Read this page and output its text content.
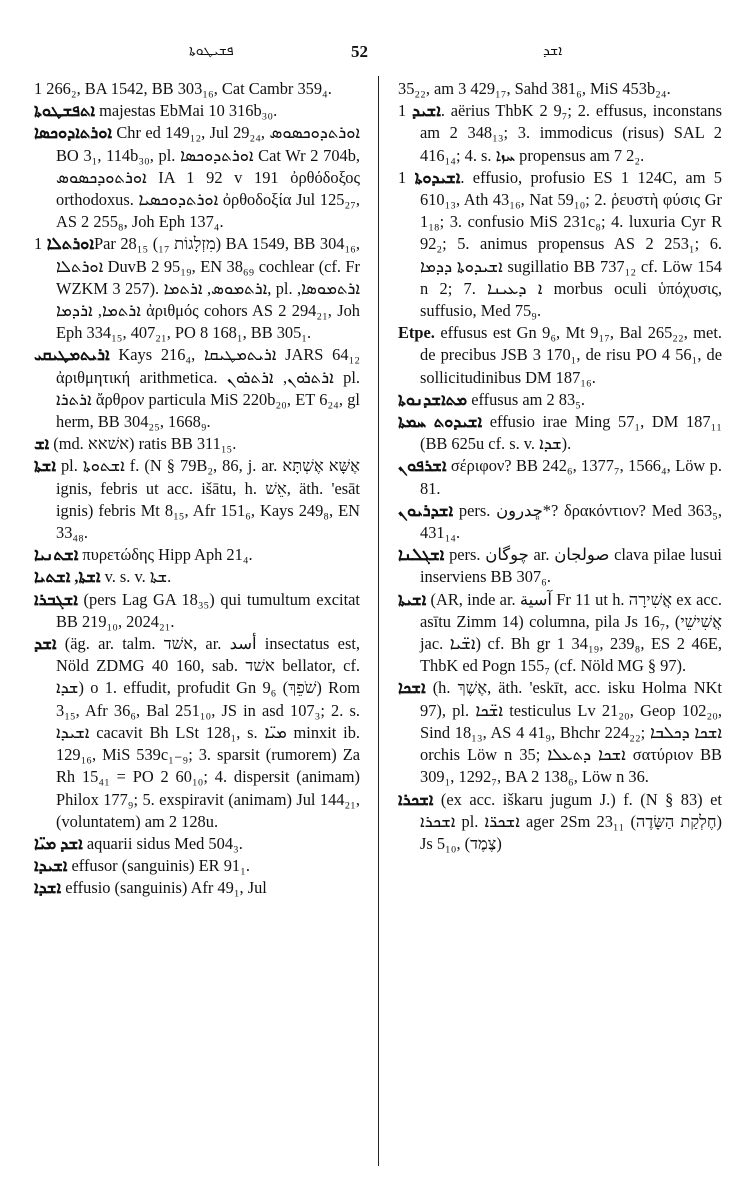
ܦܫܝܛܘܬܐ	52	ܐܫܕ

1 266₂, BA 1542, BB 303₁₆, Cat Cambr 359₄.

ܐܬܦܫܛܘܬܐ majestas EbMai 10 316b₃₀.

ܐܘܪܬܐܕܘܟܣܐ Chr ed 149₁₂, Jul 29₂₄, ܐܘܪܬܕܘܟܣܘܣ BO 3₁, 114b₃₀, pl. ܐܘܪܬܕܘܟܣܐ Cat Wr 2 704b, ܐܘܪܬܘܕܟܣܘܣ IA 1 92 v 191 ὀρθόδοξος orthodoxus. ܐܘܪܬܕܘܟܣܝܐ ὀρθοδοξία Jul 125₂₇, AS 2 255₈, Joh Eph 137₄.

ܐܘܪܬܠܐ 1Par 28₁₅ (₁₇ מִזְלָגוֹת) BA 1549, BB 304₁₆, ܐܘܪܬܠܐ DuvB 2 95₁₉, EN 38₆₉ cochlear (cf. Fr WZKM 3 257). ܐܪܬܡܘܣ, ܐܪܬܡܐ, pl. ܐܪܬܡܘܣܐ, ܐܪܬܡܐ, ܐܪܕܡܐ ἀριθμός cohors AS 2 294₂₁, Joh Eph 334₁₅, 407₂₁, PO 8 168₁, BB 305₁.

ܐܪܝܬܡܛܝܩܝ Kays 216₄, ܐܪܝܬܡܛܝܩܐ JARS 64₁₂ ἀριθμητική arithmetica. ܐܪܬܪܘܢ, ܐܪܬܪܘܢ pl. ܐܪܬܪܐ ἄρθρον particula MiS 220b₂₀, ET 6₂₄, gl herm, BB 304₂₅, 1668₉.

ܐܫ (md. אשׁאא) ratis BB 311₁₅.

ܐܫܬܐ pl. ܐܫܬܘܬܐ f. (N § 79B₂, 86, j. ar. אֶשָּׁא אֶשְׁתָּא ignis, febris ut acc. išātu, h. אֵשׁ, äth. 'esāt ignis) febris Mt 8₁₅, Afr 151₆, Kays 249₈, EN 33₄₈.

ܐܫܬܢܝܐ πυρετώδης Hipp Aph 21₄.

ܐܫܬܐ, ܐܫܬܝܐ v. s. v. ܫܬܐ.

ܐܫܓܒܪܐ (pers Lag GA 18₃₅) qui tumultum excitat BB 219₁₀, 2024₂₁.

ܐܫܕ (äg. ar. talm. אשׁד, ar. أسد insectatus est, Nöld ZDMG 40 160, sab. אשׁד bellator, cf. ܫܕܐ) o 1. effudit, profudit Gn 9₆ (שֹׁפֵךְ) Rom 3₁₅, Afr 36₆, Bal 251₁₀, JS in asd 107₃; 2. s. ܐܫܝܕܐ cacavit Bh LSt 128₁, s. ܡܝ̈ܐ minxit ib. 129₁₆, MiS 539c₁₋₉; 3. sparsit (rumorem) Za Rh 15₄₁ = PO 2 60₁₀; 4. dispersit (animam) Philox 177₉; 5. exspiravit (animam) Jul 144₂₁, (voluntatem) am 2 128u.

ܐܫܕ ܡܝ̈ܐ aquarii sidus Med 504₃.

ܐܫܝܕܐ effusor (sanguinis) ER 91₁.

ܐܫܕܐ effusio (sanguinis) Afr 49₁, Jul

35₂₂, am 3 429₁₇, Sahd 381₆, MiS 453b₂₄.

ܐܫܝܕ 1. aërius ThbK 2 9₇; 2. effusus, inconstans am 2 348₁₃; 3. immodicus (risus) SAL 2 416₁₄; 4. s. ܚܙܐ propensus am 7 2₂.

ܐܫܝܕܘܬܐ 1. effusio, profusio ES 1 124C, am 5 610₁₃, Ath 43₁₆, Nat 59₁₀; 2. ῥευστὴ φύσις Gr 1₁₈; 3. confusio MiS 231c₈; 4. luxuria Cyr R 92₂; 5. animus propensus AS 2 253₁; 6. ܐܫܝܕܘܬܐ ܕܕܡܐ sugillatio BB 737₁₂ cf. Löw 154 n 2; 7. ܐ ܕܥܝܢܐ morbus oculi ὑπόχυσις, suffusio, Med 75₉.

Etpe. effusus est Gn 9₆, Mt 9₁₇, Bal 265₂₂, met. de precibus JSB 3 170₁, de risu PO 4 56₁, de sollicitudinibus DM 187₁₆.

ܡܬܐܫܕܢܘܬܐ effusus am 2 83₅.

ܐܫܝܕܘܬ ܚܡܬܐ effusio irae Ming 57₁, DM 187₁₁ (BB 625u cf. s. v. ܫܕܐ).

ܐܫܪܦܘܢ σέριφον? BB 242₆, 1377₇, 1566₄, Löw p. 81.

ܐܫܕܪܝܘܢ pers. ڇدرون*? δρακόντιον? Med 363₅, 431₁₄.

ܐܫܓܠܢܐ pers. چوگان ar. صولجان clava pilae lusui inserviens BB 307₆.

ܐܫܝܬܐ (AR, inde ar. آسية Fr 11 ut h. אֲשִׁירָה ex acc. asītu Zimm 14) columna, pila Js 16₇, (אֲשִׁישֵׁי jac. ܐܫ̈ܝܐ) cf. Bh gr 1 34₁₉, 239₈, ES 2 46E, ThbK ed Pogn 155₇ (cf. Nöld MG § 97).

ܐܫܟܐ (h. אֶשֶׁךְ, äth. 'eskīt, acc. isku Holma NKt 97), pl. ܐܫ̈ܟܐ testiculus Lv 21₂₀, Geop 102₂₀, Sind 18₁₃, AS 4 41₉, Bhchr 224₂₂; ܐܫܟܐ ܕܟܠܒܐ orchis Löw n 35; ܐܫܟܐ ܕܬܥܠܐ σατύριον BB 309₁, 1292₇, BA 2 138₆, Löw n 36.

ܐܫܟܪܐ (ex acc. iškaru jugum J.) f. (N § 83) et ܐܫܟܪܐ pl. ܐܫܟܪ̈ܐ ager 2Sm 23₁₁ (חֶלְקַת הַשָּׂדֶה) Js 5₁₀, (צֶמֶד)
